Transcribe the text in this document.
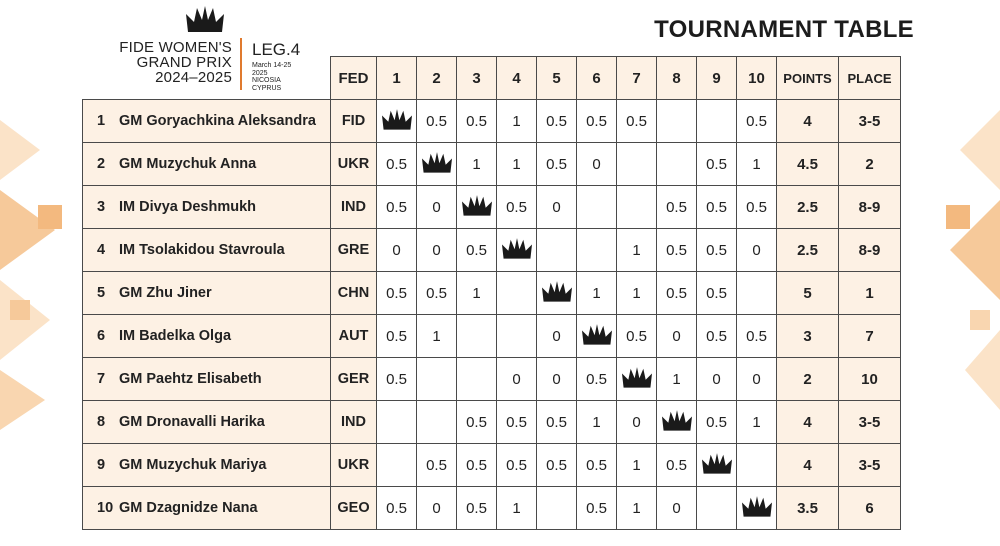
FIDE WOMEN'S
GRAND PRIX
2024–2025
LEG.4
March 14-25
2025
NICOSIA
CYPRUS
TOURNAMENT TABLE
	FED	1	2	3	4	5	6	7	8	9	10	POINTS	PLACE
1 GM Goryachkina Aleksandra	FID		0.5	0.5	1	0.5	0.5	0.5			0.5	4	3-5
2 GM Muzychuk Anna	UKR	0.5		1	1	0.5	0			0.5	1	4.5	2
3 IM Divya Deshmukh	IND	0.5	0		0.5	0			0.5	0.5	0.5	2.5	8-9
4 IM Tsolakidou Stavroula	GRE	0	0	0.5				1	0.5	0.5	0	2.5	8-9
5 GM Zhu Jiner	CHN	0.5	0.5	1			1	1	0.5	0.5		5	1
6 IM Badelka Olga	AUT	0.5	1			0		0.5	0	0.5	0.5	3	7
7 GM Paehtz Elisabeth	GER	0.5			0	0	0.5		1	0	0	2	10
8 GM Dronavalli Harika	IND			0.5	0.5	0.5	1	0		0.5	1	4	3-5
9 GM Muzychuk Mariya	UKR		0.5	0.5	0.5	0.5	0.5	1	0.5			4	3-5
10 GM Dzagnidze Nana	GEO	0.5	0	0.5	1		0.5	1	0			3.5	6
